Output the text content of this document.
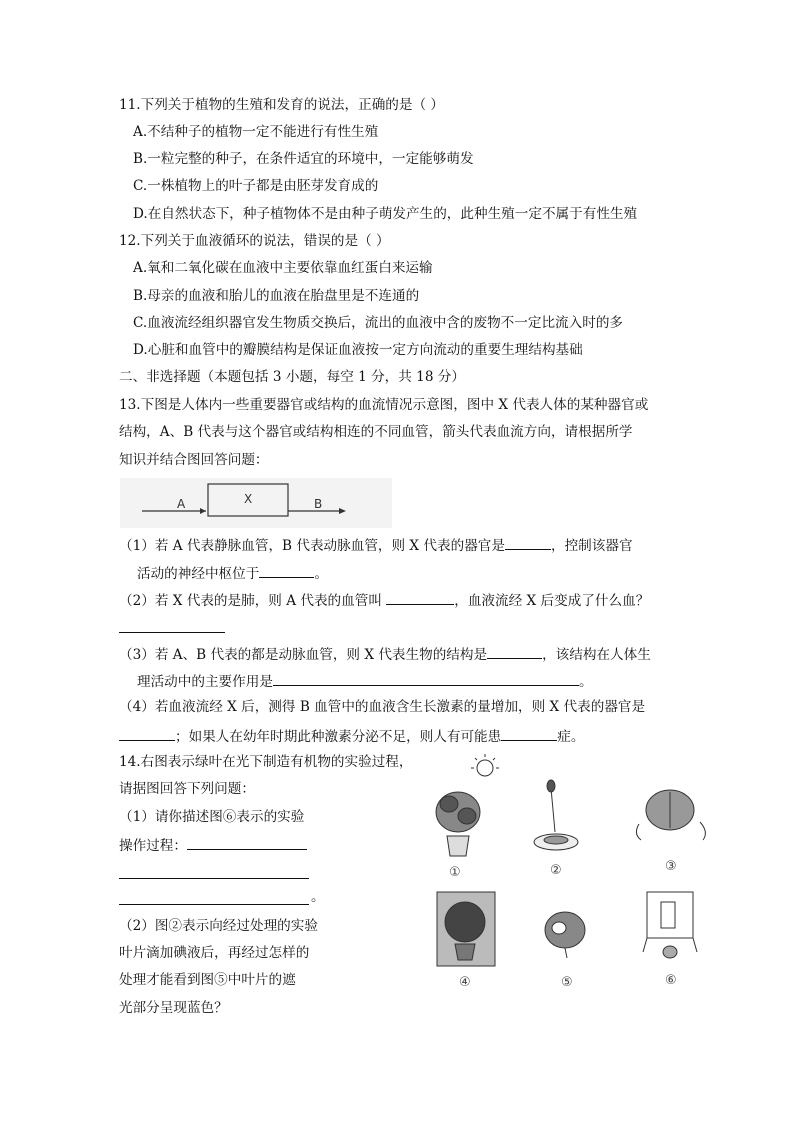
11.下列关于植物的生殖和发育的说法，正确的是（ ）
A.不结种子的植物一定不能进行有性生殖
B.一粒完整的种子，在条件适宜的环境中，一定能够萌发
C.一株植物上的叶子都是由胚芽发育成的
D.在自然状态下，种子植物体不是由种子萌发产生的，此种生殖一定不属于有性生殖
12.下列关于血液循环的说法，错误的是（ ）
A.氧和二氧化碳在血液中主要依靠血红蛋白来运输
B.母亲的血液和胎儿的血液在胎盘里是不连通的
C.血液流经组织器官发生物质交换后，流出的血液中含的废物不一定比流入时的多
D.心脏和血管中的瓣膜结构是保证血液按一定方向流动的重要生理结构基础
二、非选择题（本题包括 3 小题，每空 1 分，共 18 分）
13.下图是人体内一些重要器官或结构的血流情况示意图，图中 X 代表人体的某种器官或
结构，A、B 代表与这个器官或结构相连的不同血管，箭头代表血流方向，请根据所学
知识并结合图回答问题：
A	X	B
（1）若 A 代表静脉血管，B 代表动脉血管，则 X 代表的器官是	，控制该器官
活动的神经中枢位于	。
（2）若 X 代表的是肺，则 A 代表的血管叫	，血液流经 X 后变成了什么血？
（3）若 A、B 代表的都是动脉血管，则 X 代表生物的结构是	，该结构在人体生
理活动中的主要作用是	。
（4）若血液流经 X 后，测得 B 血管中的血液含生长激素的量增加，则 X 代表的器官是
；如果人在幼年时期此种激素分泌不足，则人有可能患	症。
14.右图表示绿叶在光下制造有机物的实验过程，
请据图回答下列问题：
（1）请你描述图⑥表示的实验
操作过程：
。
（2）图②表示向经过处理的实验
叶片滴加碘液后，再经过怎样的
处理才能看到图⑤中叶片的遮
光部分呈现蓝色？
①	②	③
④	⑤	⑥
